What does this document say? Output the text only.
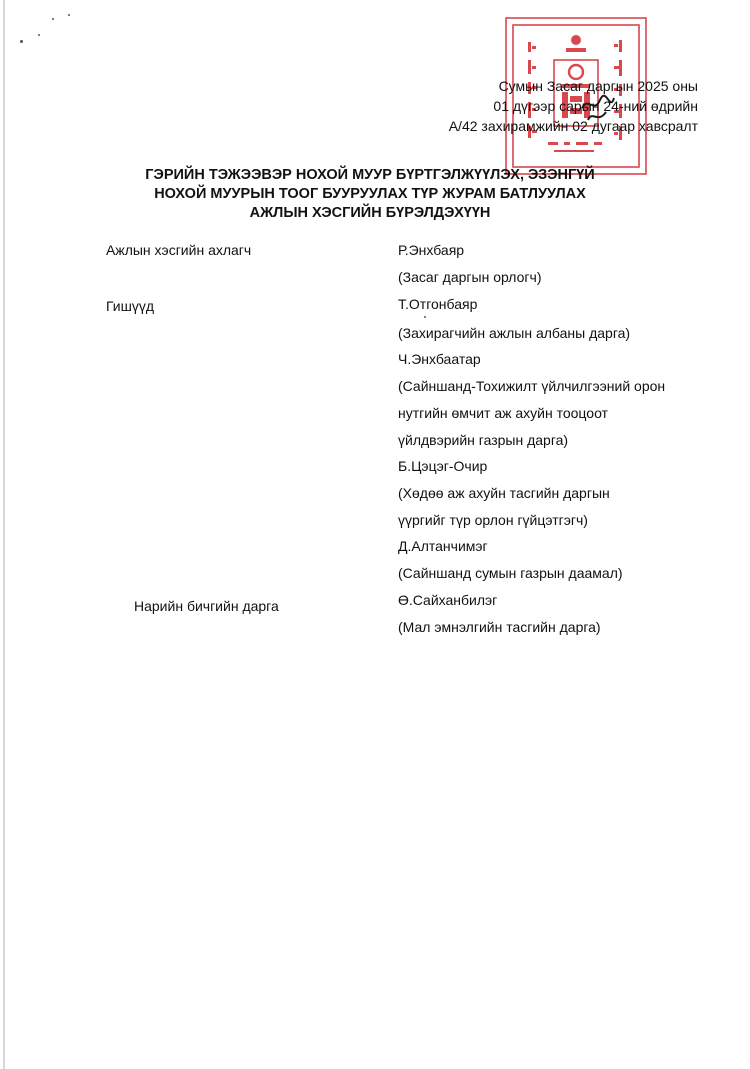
Сумын Засаг даргын 2025 оны
01 дүгээр сарын 24-ний өдрийн
А/42 захирамжийн 02 дугаар хавсралт
ГЭРИЙН ТЭЖЭЭВЭР НОХОЙ МУУР БҮРТГЭЛЖҮҮЛЭХ, ЭЗЭНГҮЙ
НОХОЙ МУУРЫН ТООГ БУУРУУЛАХ ТҮР ЖУРАМ БАТЛУУЛАХ
АЖЛЫН ХЭСГИЙН БҮРЭЛДЭХҮҮН
Ажлын хэсгийн ахлагч
Гишүүд
Нарийн бичгийн дарга

Р.Энхбаяр

(Засаг даргын орлогч)

Т.Отгонбаяр

(Захирагчийн ажлын албаны дарга)

Ч.Энхбаатар

(Сайншанд-Тохижилт үйлчилгээний орон

нутгийн өмчит аж ахуйн тооцоот

үйлдвэрийн газрын дарга)

Б.Цэцэг-Очир

(Хөдөө аж ахуйн тасгийн даргын

үүргийг түр орлон гүйцэтгэгч)

Д.Алтанчимэг

(Сайншанд сумын газрын даамал)

Ө.Сайханбилэг

(Мал эмнэлгийн тасгийн дарга)
